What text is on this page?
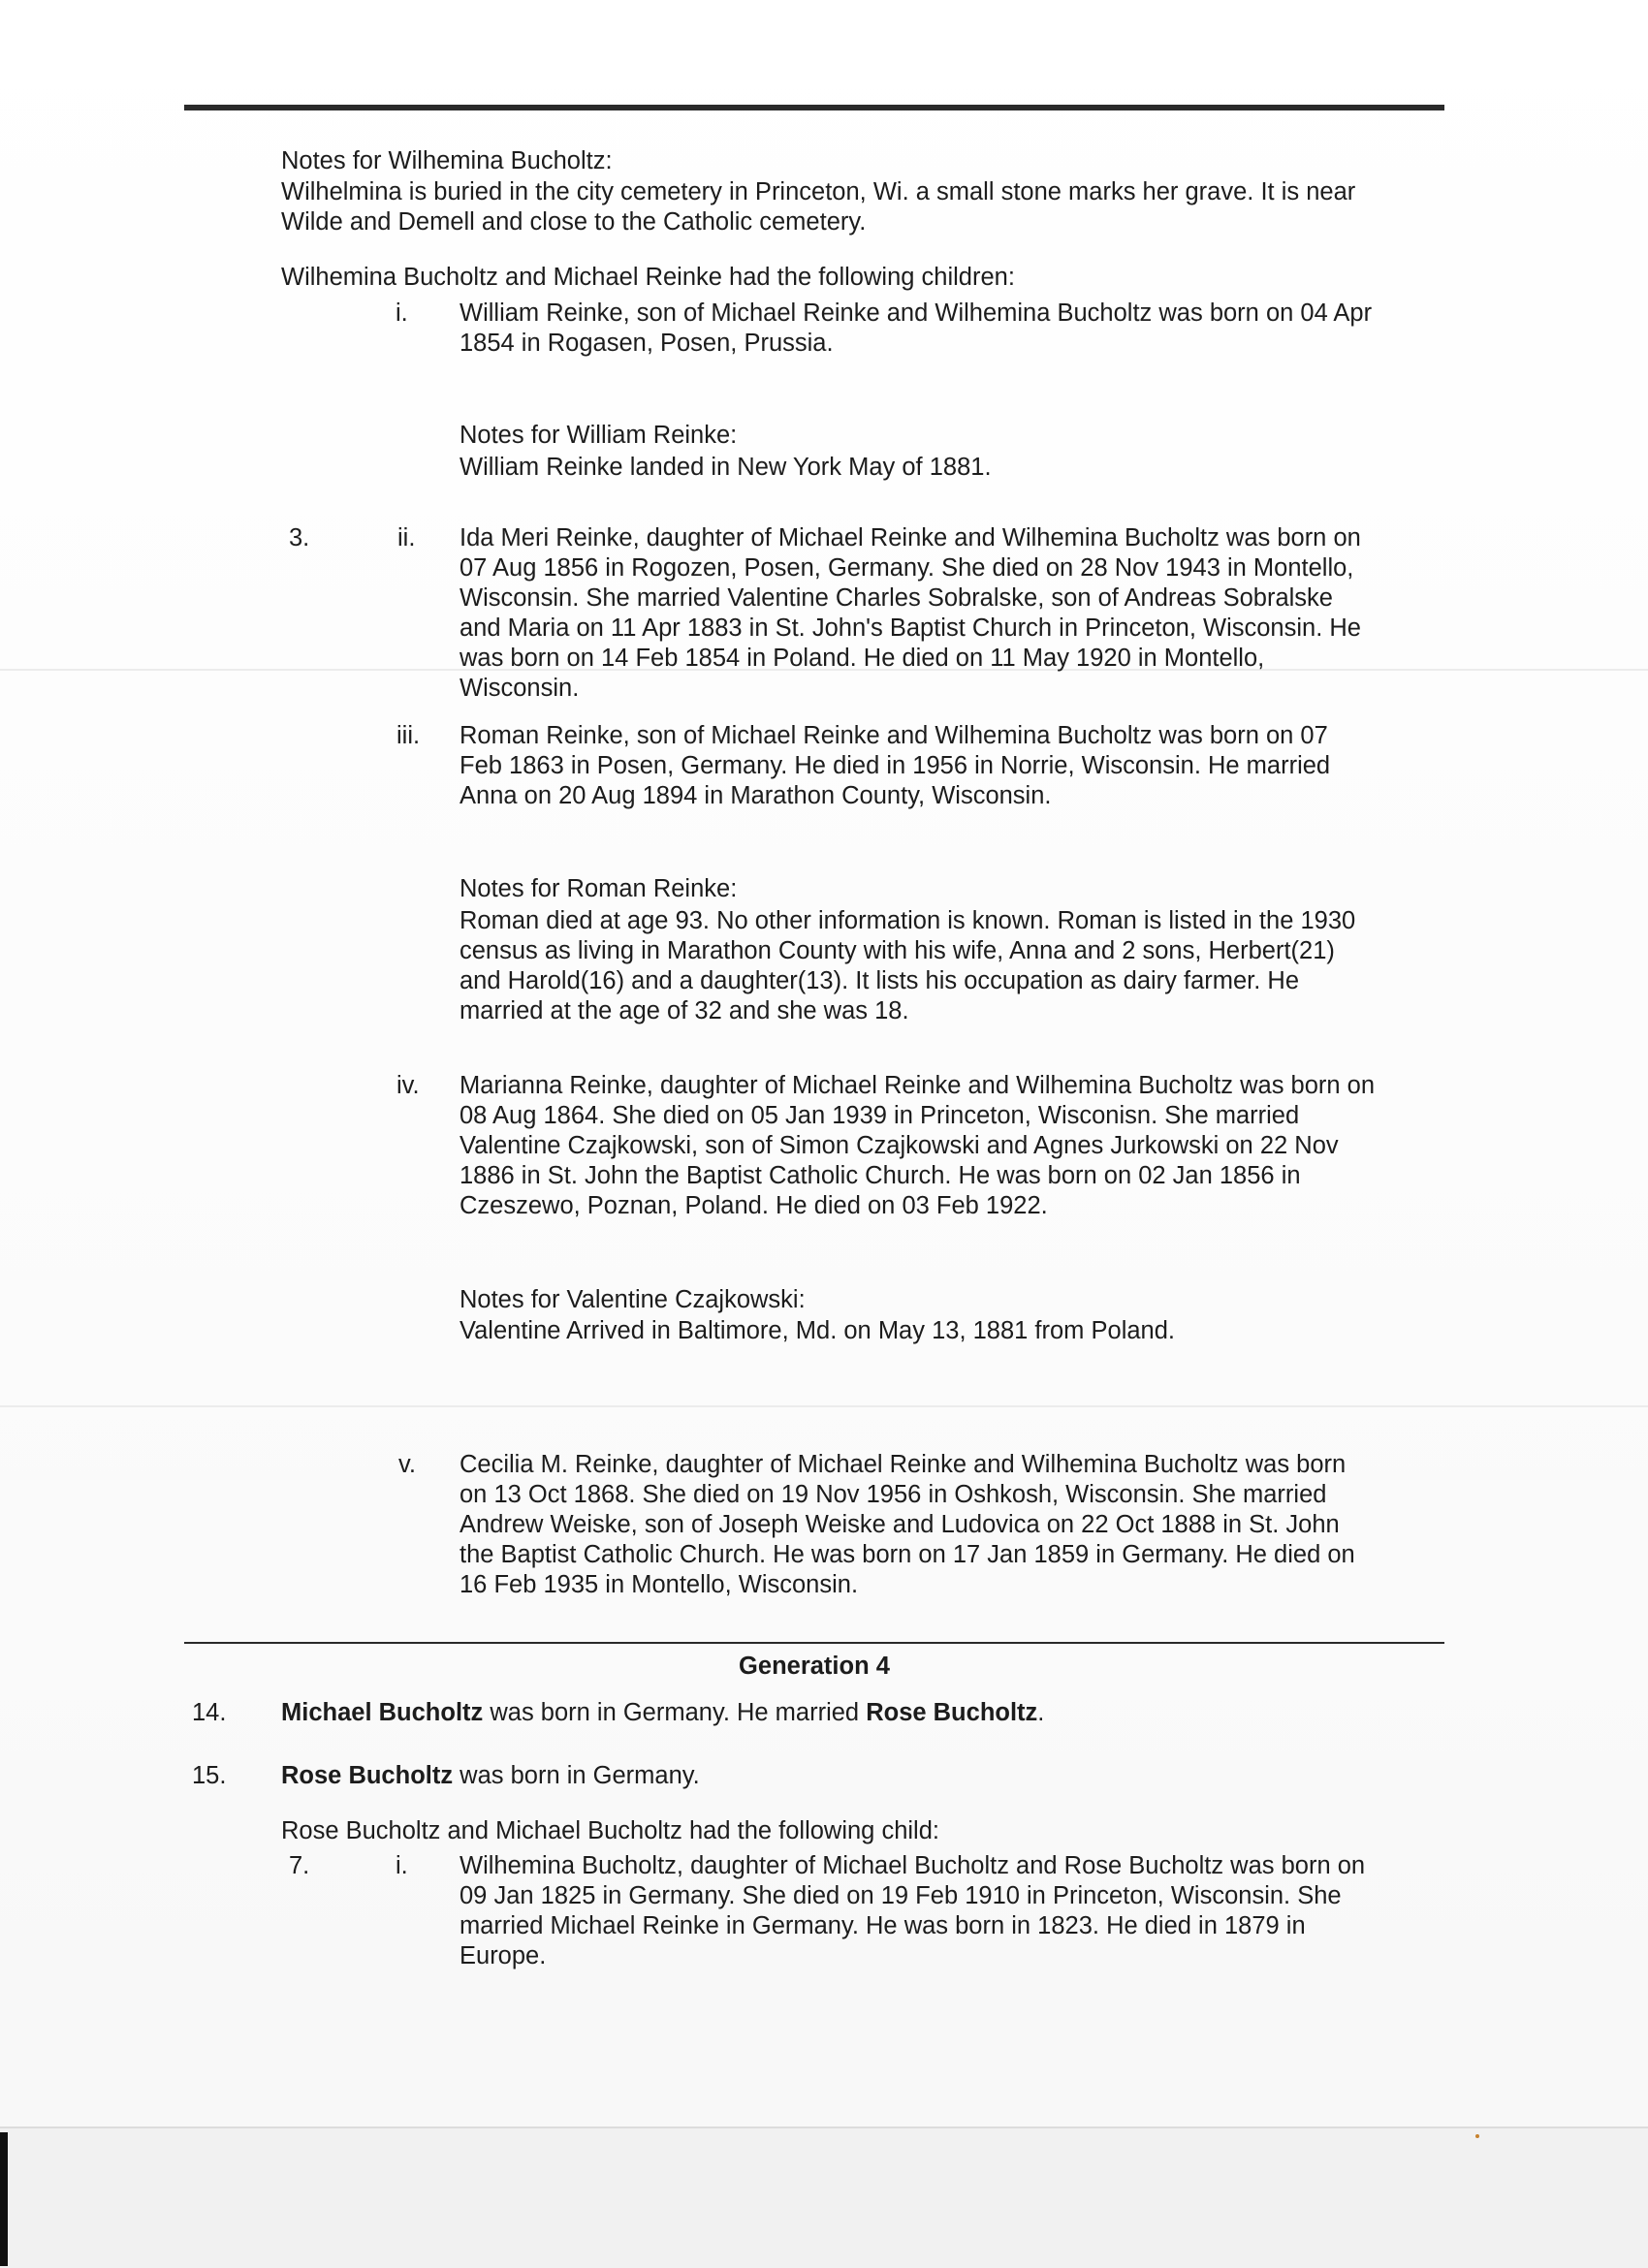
Notes for Wilhemina Bucholtz:
Wilhelmina is buried in the city cemetery in Princeton, Wi. a small stone marks her grave. It is near
Wilde and Demell and close to the Catholic cemetery.
Wilhemina Bucholtz and Michael Reinke had the following children:
i. William Reinke, son of Michael Reinke and Wilhemina Bucholtz was born on 04 Apr
1854 in Rogasen, Posen, Prussia.
Notes for William Reinke:
William Reinke landed in New York May of 1881.
3.	ii. Ida Meri Reinke, daughter of Michael Reinke and Wilhemina Bucholtz was born on
07 Aug 1856 in Rogozen, Posen, Germany. She died on 28 Nov 1943 in Montello,
Wisconsin. She married Valentine Charles Sobralske, son of Andreas Sobralske
and Maria on 11 Apr 1883 in St. John's Baptist Church in Princeton, Wisconsin. He
was born on 14 Feb 1854 in Poland. He died on 11 May 1920 in Montello,
Wisconsin.
iii. Roman Reinke, son of Michael Reinke and Wilhemina Bucholtz was born on 07
Feb 1863 in Posen, Germany. He died in 1956 in Norrie, Wisconsin. He married
Anna on 20 Aug 1894 in Marathon County, Wisconsin.
Notes for Roman Reinke:
Roman died at age 93. No other information is known. Roman is listed in the 1930
census as living in Marathon County with his wife, Anna and 2 sons, Herbert(21)
and Harold(16) and a daughter(13). It lists his occupation as dairy farmer. He
married at the age of 32 and she was 18.
iv. Marianna Reinke, daughter of Michael Reinke and Wilhemina Bucholtz was born on
08 Aug 1864. She died on 05 Jan 1939 in Princeton, Wisconisn. She married
Valentine Czajkowski, son of Simon Czajkowski and Agnes Jurkowski on 22 Nov
1886 in St. John the Baptist Catholic Church. He was born on 02 Jan 1856 in
Czeszewo, Poznan, Poland. He died on 03 Feb 1922.
Notes for Valentine Czajkowski:
Valentine Arrived in Baltimore, Md. on May 13, 1881 from Poland.
v. Cecilia M. Reinke, daughter of Michael Reinke and Wilhemina Bucholtz was born
on 13 Oct 1868. She died on 19 Nov 1956 in Oshkosh, Wisconsin. She married
Andrew Weiske, son of Joseph Weiske and Ludovica on 22 Oct 1888 in St. John
the Baptist Catholic Church. He was born on 17 Jan 1859 in Germany. He died on
16 Feb 1935 in Montello, Wisconsin.
Generation 4
14. Michael Bucholtz was born in Germany. He married Rose Bucholtz.
15. Rose Bucholtz was born in Germany.
Rose Bucholtz and Michael Bucholtz had the following child:
7.	i. Wilhemina Bucholtz, daughter of Michael Bucholtz and Rose Bucholtz was born on
09 Jan 1825 in Germany. She died on 19 Feb 1910 in Princeton, Wisconsin. She
married Michael Reinke in Germany. He was born in 1823. He died in 1879 in
Europe.
